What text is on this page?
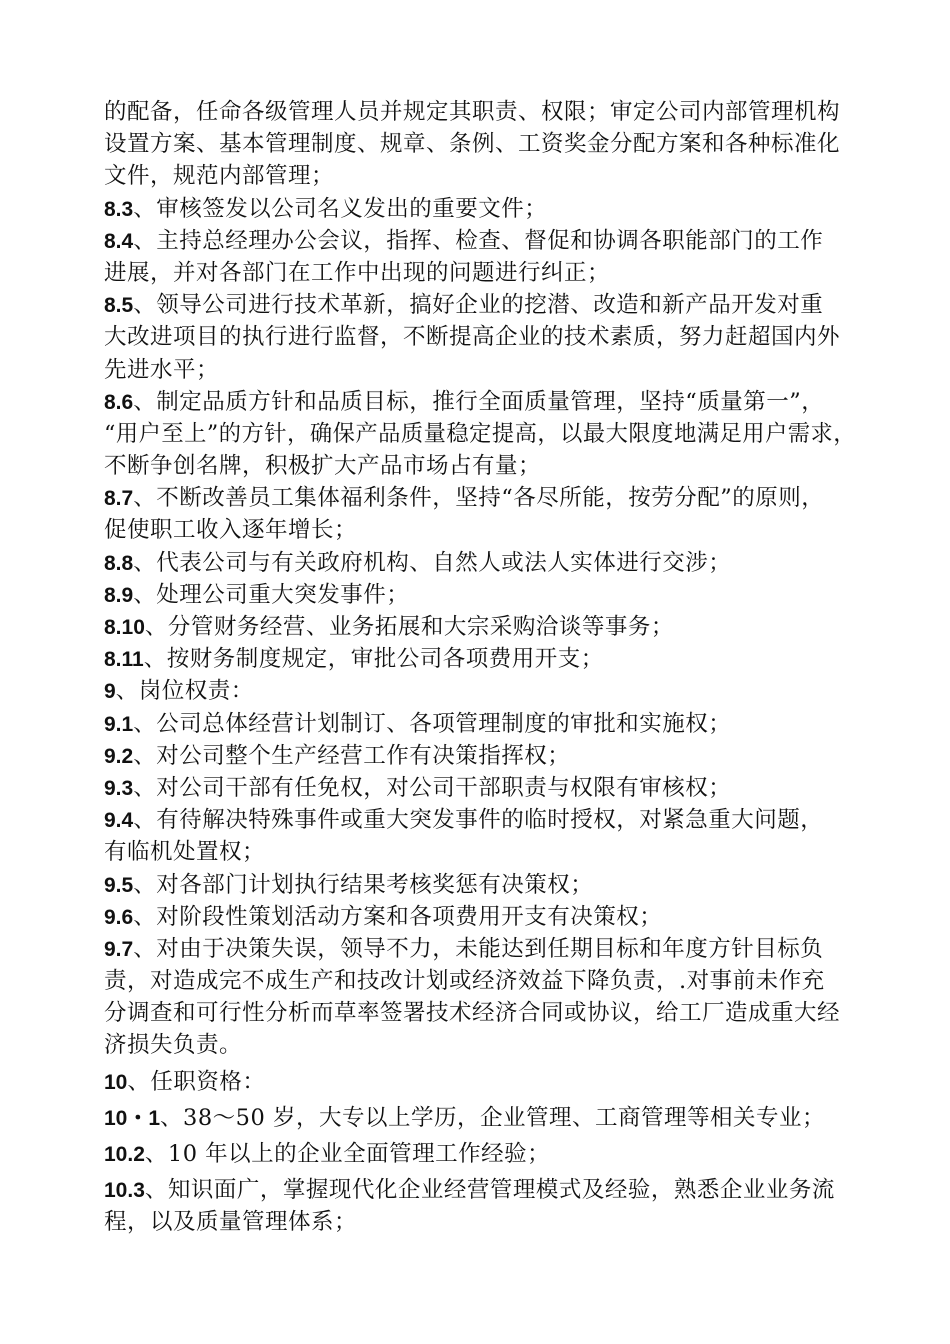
的配备，任命各级管理人员并规定其职责、权限；审定公司内部管理机构
设置方案、基本管理制度、规章、条例、工资奖金分配方案和各种标准化
文件，规范内部管理；
8.3、审核签发以公司名义发出的重要文件；
8.4、主持总经理办公会议，指挥、检查、督促和协调各职能部门的工作
进展，并对各部门在工作中出现的问题进行纠正；
8.5、领导公司进行技术革新，搞好企业的挖潜、改造和新产品开发对重
大改进项目的执行进行监督，不断提高企业的技术素质，努力赶超国内外
先进水平；
8.6、制定品质方针和品质目标，推行全面质量管理，坚持“质量第一”，
“用户至上”的方针，确保产品质量稳定提高，以最大限度地满足用户需求，
不断争创名牌，积极扩大产品市场占有量；
8.7、不断改善员工集体福利条件，坚持“各尽所能，按劳分配”的原则，
促使职工收入逐年增长；
8.8、代表公司与有关政府机构、自然人或法人实体进行交涉；
8.9、处理公司重大突发事件；
8.10、分管财务经营、业务拓展和大宗采购洽谈等事务；
8.11、按财务制度规定，审批公司各项费用开支；
9、岗位权责：
9.1、公司总体经营计划制订、各项管理制度的审批和实施权；
9.2、对公司整个生产经营工作有决策指挥权；
9.3、对公司干部有任免权，对公司干部职责与权限有审核权；
9.4、有待解决特殊事件或重大突发事件的临时授权，对紧急重大问题，
有临机处置权；
9.5、对各部门计划执行结果考核奖惩有决策权；
9.6、对阶段性策划活动方案和各项费用开支有决策权；
9.7、对由于决策失误，领导不力，未能达到任期目标和年度方针目标负
责，对造成完不成生产和技改计划或经济效益下降负责，.对事前未作充
分调查和可行性分析而草率签署技术经济合同或协议，给工厂造成重大经
济损失负责。
10、任职资格：
10・1、38～50 岁，大专以上学历，企业管理、工商管理等相关专业；
10.2、10 年以上的企业全面管理工作经验；
10.3、知识面广，掌握现代化企业经营管理模式及经验，熟悉企业业务流
程，以及质量管理体系；
